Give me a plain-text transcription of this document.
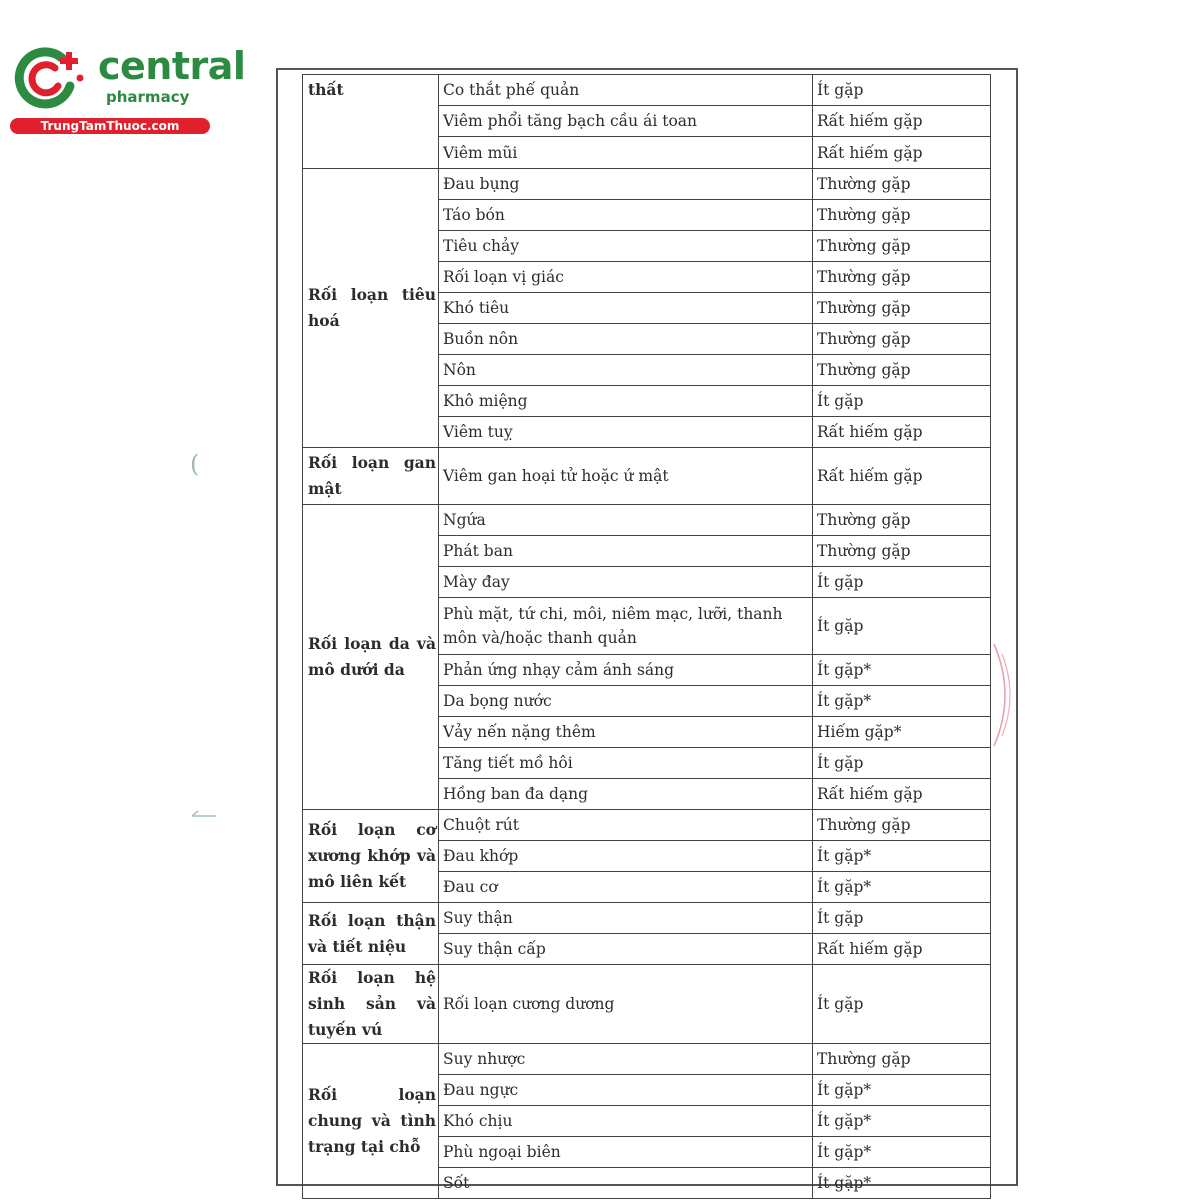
central
pharmacy
TrungTamThuoc.com
thất	Co thắt phế quản	Ít gặp
	Viêm phổi tăng bạch cầu ái toan	Rất hiếm gặp
	Viêm mũi	Rất hiếm gặp
Rối loạn tiêu hoá	Đau bụng	Thường gặp
	Táo bón	Thường gặp
	Tiêu chảy	Thường gặp
	Rối loạn vị giác	Thường gặp
	Khó tiêu	Thường gặp
	Buồn nôn	Thường gặp
	Nôn	Thường gặp
	Khô miệng	Ít gặp
	Viêm tuỵ	Rất hiếm gặp
Rối loạn gan mật	Viêm gan hoại tử hoặc ứ mật	Rất hiếm gặp
Rối loạn da và mô dưới da	Ngứa	Thường gặp
	Phát ban	Thường gặp
	Mày đay	Ít gặp
	Phù mặt, tứ chi, môi, niêm mạc, lưỡi, thanh môn và/hoặc thanh quản	Ít gặp
	Phản ứng nhạy cảm ánh sáng	Ít gặp*
	Da bọng nước	Ít gặp*
	Vảy nến nặng thêm	Hiếm gặp*
	Tăng tiết mồ hôi	Ít gặp
	Hồng ban đa dạng	Rất hiếm gặp
Rối loạn cơ xương khớp và mô liên kết	Chuột rút	Thường gặp
	Đau khớp	Ít gặp*
	Đau cơ	Ít gặp*
Rối loạn thận và tiết niệu	Suy thận	Ít gặp
	Suy thận cấp	Rất hiếm gặp
Rối loạn hệ sinh sản và tuyến vú	Rối loạn cương dương	Ít gặp
Rối loạn chung và tình trạng tại chỗ	Suy nhược	Thường gặp
	Đau ngực	Ít gặp*
	Khó chịu	Ít gặp*
	Phù ngoại biên	Ít gặp*
	Sốt	Ít gặp*
(
